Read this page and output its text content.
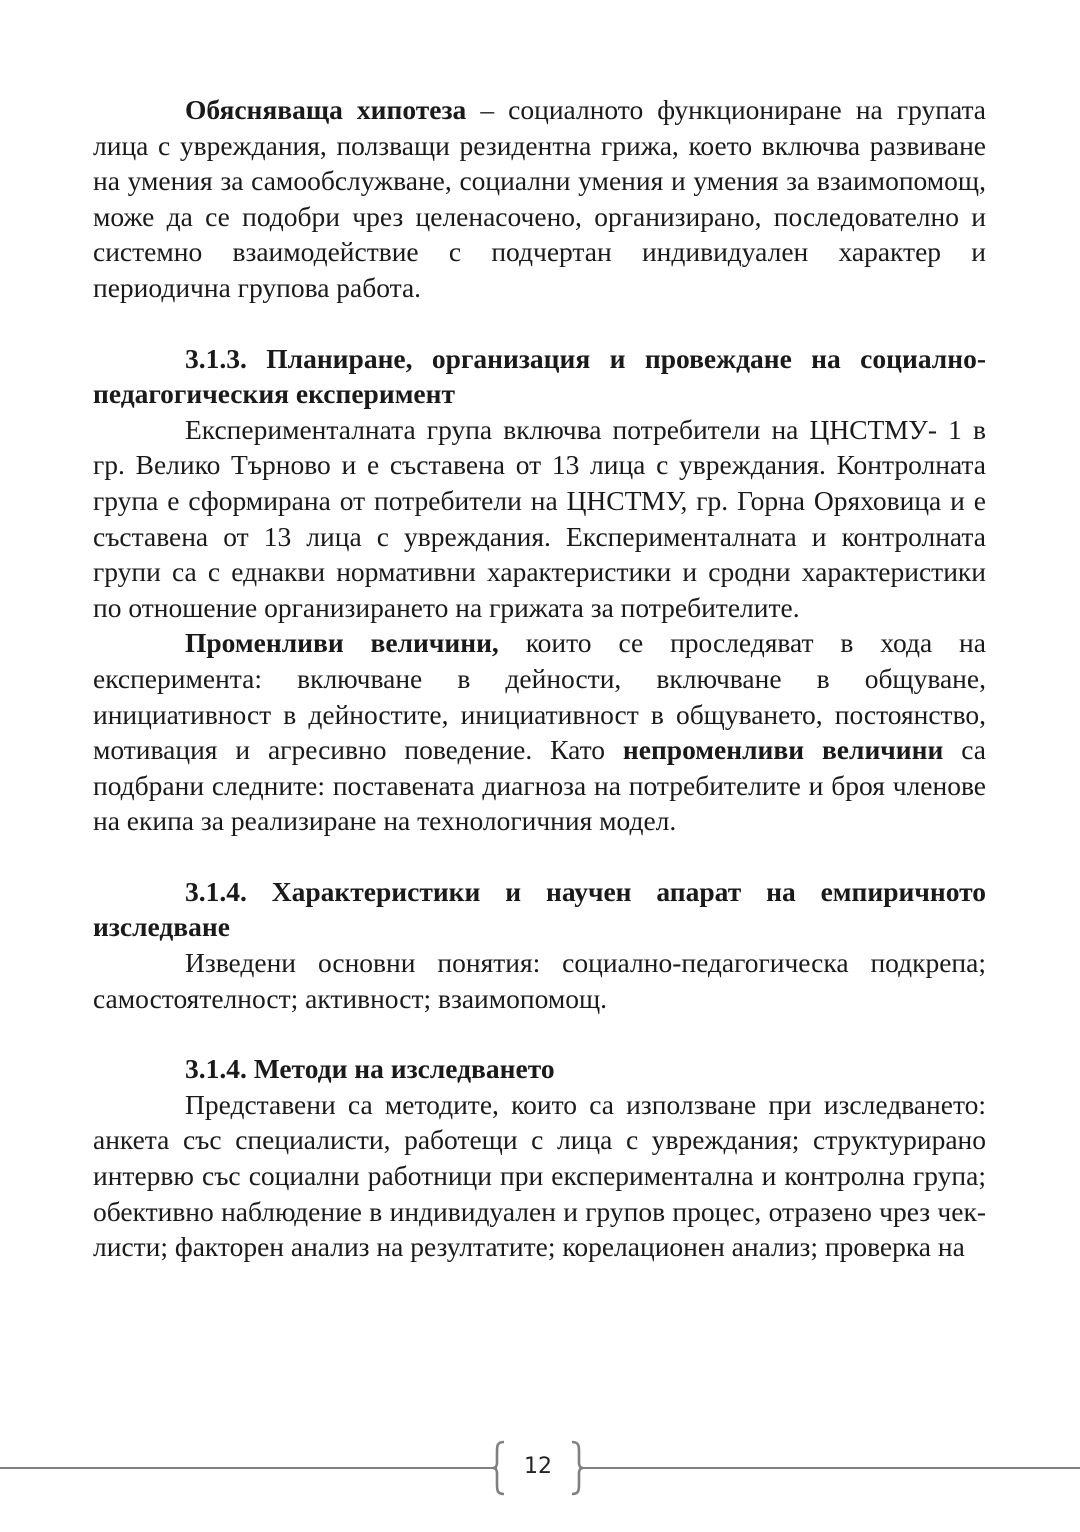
Обясняваща хипотеза – социалното функциониране на групата лица с увреждания, ползващи резидентна грижа, което включва развиване на умения за самообслужване, социални умения и умения за взаимопомощ, може да се подобри чрез целенасочено, организирано, последователно и системно взаимодействие с подчертан индивидуален характер и периодична групова работа.

3.1.3. Планиране, организация и провеждане на социално-педагогическия експеримент

Експерименталната група включва потребители на ЦНСТМУ- 1 в гр. Велико Търново и е съставена от 13 лица с увреждания. Контролната група е сформирана от потребители на ЦНСТМУ, гр. Горна Оряховица и е съставена от 13 лица с увреждания. Експерименталната и контролната групи са с еднакви нормативни характеристики и сродни характеристики по отношение организирането на грижата за потребителите.

Променливи величини, които се проследяват в хода на експеримента: включване в дейности, включване в общуване, инициативност в дейностите, инициативност в общуването, постоянство, мотивация и агресивно поведение. Като непроменливи величини са подбрани следните: поставената диагноза на потребителите и броя членове на екипа за реализиране на технологичния модел.

3.1.4. Характеристики и научен апарат на емпиричното изследване

Изведени основни понятия: социално-педагогическа подкрепа; самостоятелност; активност; взаимопомощ.

3.1.4. Методи на изследването

Представени са методите, които са използване при изследването: анкета със специалисти, работещи с лица с увреждания; структурирано интервю със социални работници при експериментална и контролна група; обективно наблюдение в индивидуален и групов процес, отразено чрез чек-листи; факторен анализ на резултатите; корелационен анализ; проверка на

12
